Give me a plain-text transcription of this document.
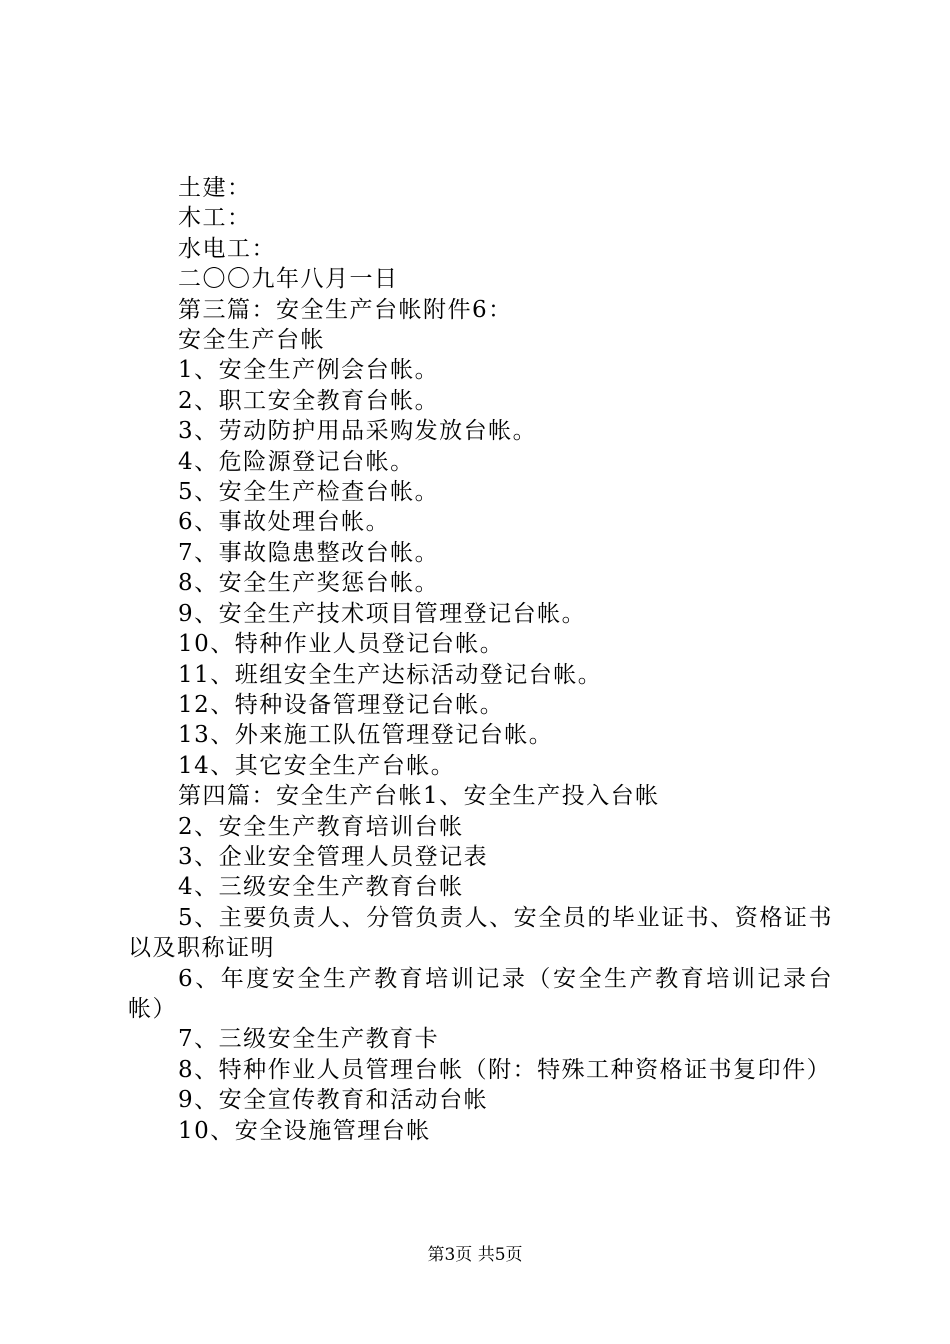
土建：
木工：
水电工：
二〇〇九年八月一日
第三篇：安全生产台帐附件6：
安全生产台帐
1、安全生产例会台帐。
2、职工安全教育台帐。
3、劳动防护用品采购发放台帐。
4、危险源登记台帐。
5、安全生产检查台帐。
6、事故处理台帐。
7、事故隐患整改台帐。
8、安全生产奖惩台帐。
9、安全生产技术项目管理登记台帐。
10、特种作业人员登记台帐。
11、班组安全生产达标活动登记台帐。
12、特种设备管理登记台帐。
13、外来施工队伍管理登记台帐。
14、其它安全生产台帐。
第四篇：安全生产台帐1、安全生产投入台帐
2、安全生产教育培训台帐
3、企业安全管理人员登记表
4、三级安全生产教育台帐
5、主要负责人、分管负责人、安全员的毕业证书、资格证书以及职称证明
6、年度安全生产教育培训记录（安全生产教育培训记录台帐）
7、三级安全生产教育卡
8、特种作业人员管理台帐（附：特殊工种资格证书复印件）
9、安全宣传教育和活动台帐
10、安全设施管理台帐
第3页 共5页
